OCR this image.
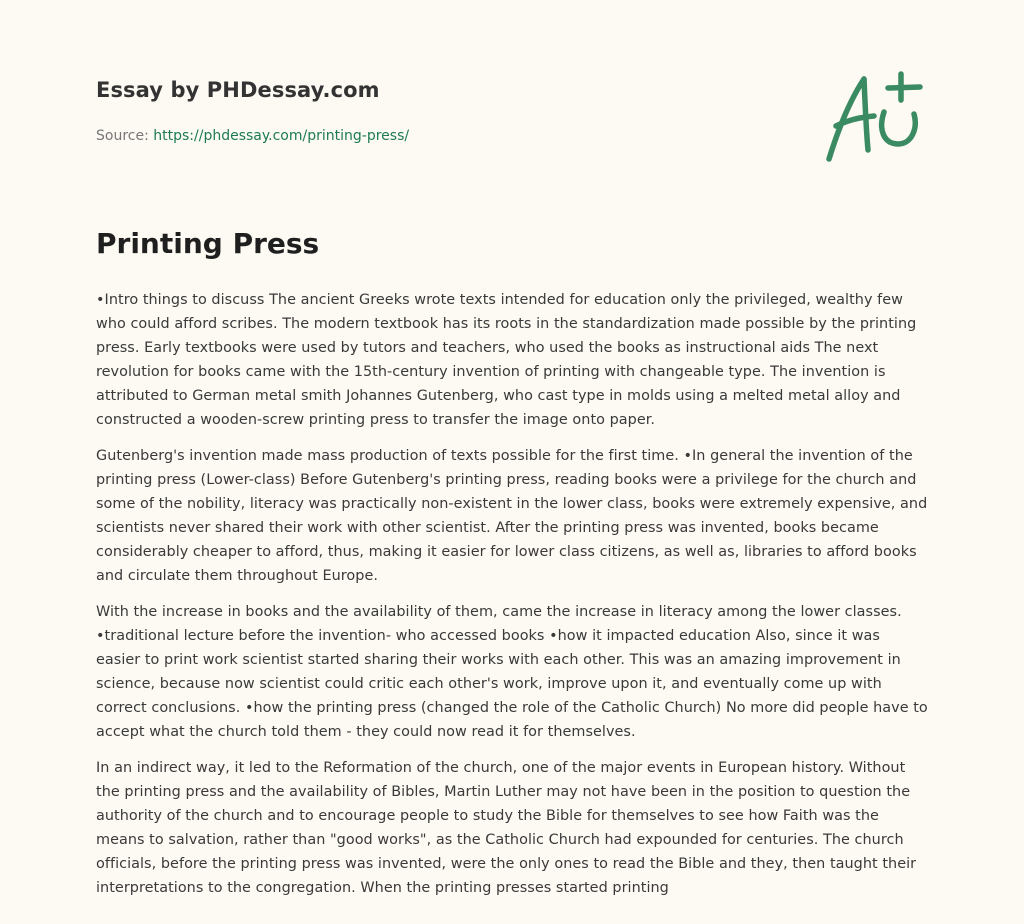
Essay by PHDessay.com
Source: https://phdessay.com/printing-press/
Printing Press

•Intro things to discuss The ancient Greeks wrote texts intended for education only the privileged, wealthy few who could afford scribes. The modern textbook has its roots in the standardization made possible by the printing press. Early textbooks were used by tutors and teachers, who used the books as instructional aids The next revolution for books came with the 15th-century invention of printing with changeable type. The invention is attributed to German metal smith Johannes Gutenberg, who cast type in molds using a melted metal alloy and constructed a wooden-screw printing press to transfer the image onto paper.

Gutenberg's invention made mass production of texts possible for the first time. •In general the invention of the printing press (Lower-class) Before Gutenberg's printing press, reading books were a privilege for the church and some of the nobility, literacy was practically non-existent in the lower class, books were extremely expensive, and scientists never shared their work with other scientist. After the printing press was invented, books became considerably cheaper to afford, thus, making it easier for lower class citizens, as well as, libraries to afford books and circulate them throughout Europe.

With the increase in books and the availability of them, came the increase in literacy among the lower classes. •traditional lecture before the invention- who accessed books •how it impacted education Also, since it was easier to print work scientist started sharing their works with each other. This was an amazing improvement in science, because now scientist could critic each other's work, improve upon it, and eventually come up with correct conclusions. •how the printing press (changed the role of the Catholic Church) No more did people have to accept what the church told them - they could now read it for themselves.

In an indirect way, it led to the Reformation of the church, one of the major events in European history. Without the printing press and the availability of Bibles, Martin Luther may not have been in the position to question the authority of the church and to encourage people to study the Bible for themselves to see how Faith was the means to salvation, rather than "good works", as the Catholic Church had expounded for centuries. The church officials, before the printing press was invented, were the only ones to read the Bible and they, then taught their interpretations to the congregation. When the printing presses started printing
